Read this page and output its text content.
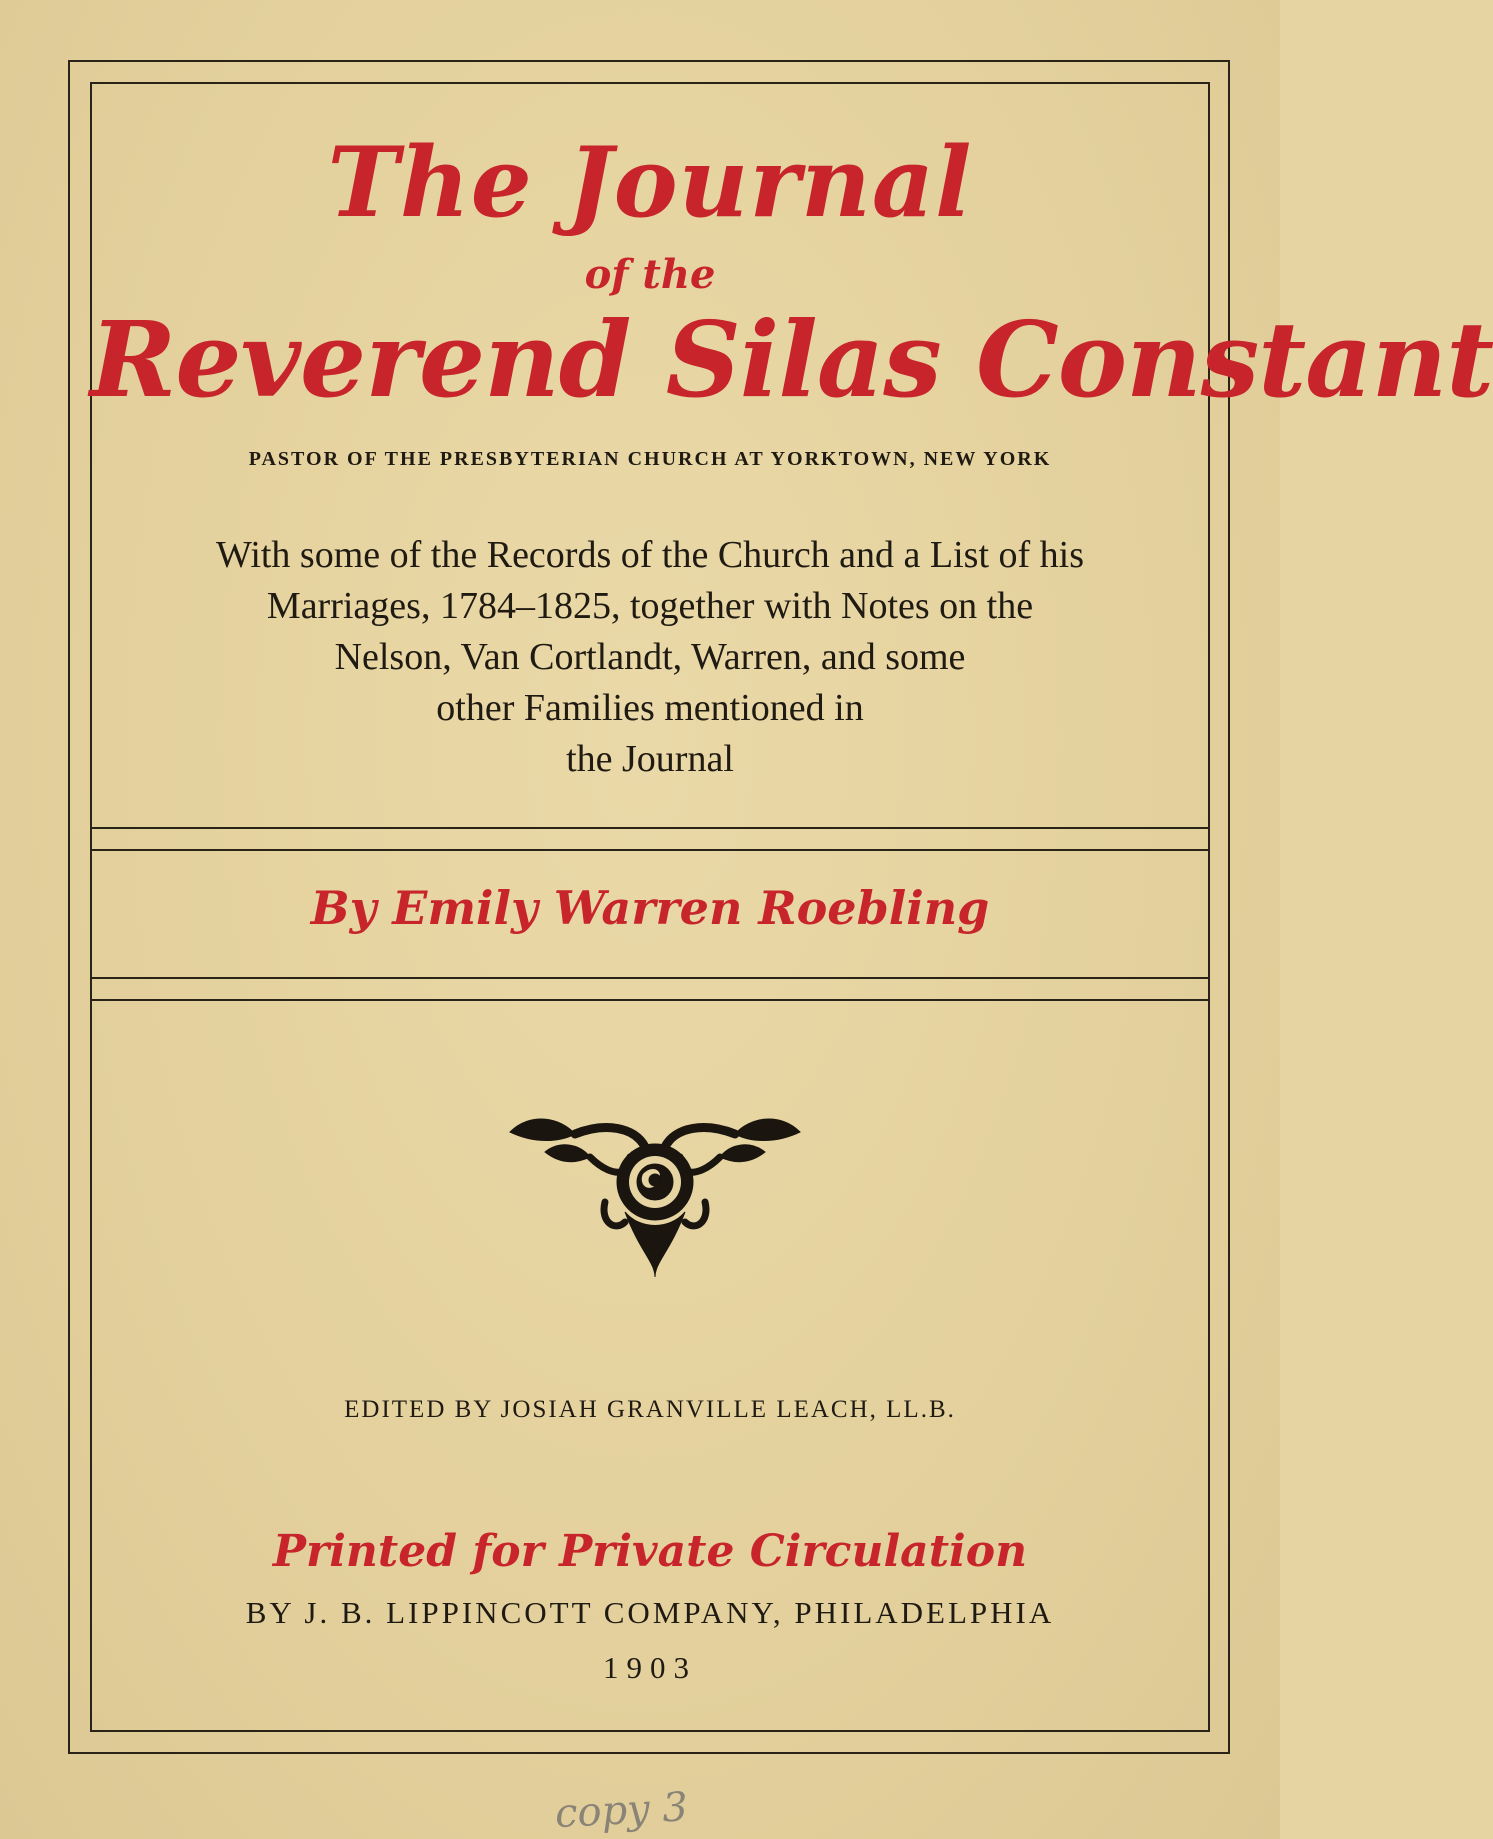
The Journal
of the
Reverend Silas Constant
PASTOR OF THE PRESBYTERIAN CHURCH AT YORKTOWN, NEW YORK
With some of the Records of the Church and a List of his
Marriages, 1784–1825, together with Notes on the
Nelson, Van Cortlandt, Warren, and some
other Families mentioned in
the Journal
By Emily Warren Roebling
EDITED BY JOSIAH GRANVILLE LEACH, LL.B.
Printed for Private Circulation
BY J. B. LIPPINCOTT COMPANY, PHILADELPHIA
1903
copy 3
